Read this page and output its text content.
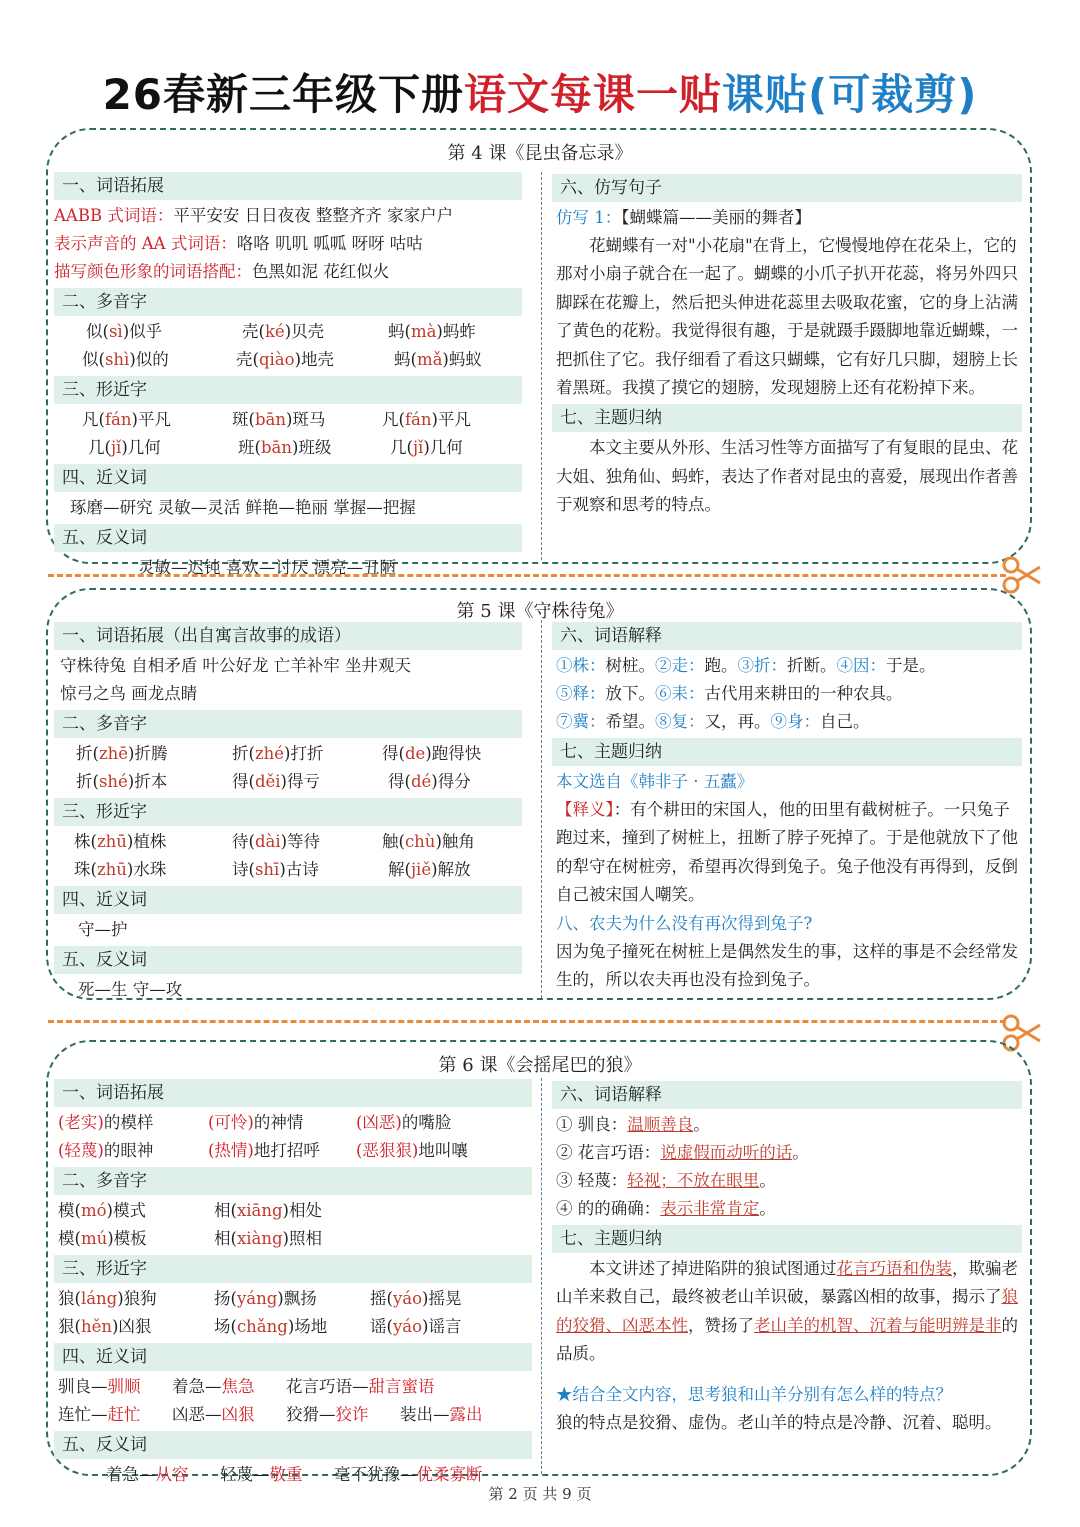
26春新三年级下册语文每课一贴课贴(可裁剪)
第 4 课《昆虫备忘录》
一、词语拓展
AABB 式词语：平平安安 日日夜夜 整整齐齐 家家户户
表示声音的 AA 式词语：咯咯 叽叽 呱呱 呀呀 咕咕
描写颜色形象的词语搭配：色黑如泥 花红似火
二、多音字
似(sì)似乎	壳(ké)贝壳	蚂(mà)蚂蚱
似(shì)似的	壳(qiào)地壳	蚂(mǎ)蚂蚁
三、形近字
凡(fán)平凡	斑(bān)斑马	凡(fán)平凡
几(jǐ)几何	班(bān)班级	几(jǐ)几何
四、近义词
琢磨—研究 灵敏—灵活 鲜艳—艳丽 掌握—把握
五、反义词
灵敏—迟钝 喜欢—讨厌 漂亮—丑陋
六、仿写句子
仿写 1：【蝴蝶篇——美丽的舞者】
花蝴蝶有一对"小花扇"在背上，它慢慢地停在花朵上，它的那对小扇子就合在一起了。蝴蝶的小爪子扒开花蕊，将另外四只脚踩在花瓣上，然后把头伸进花蕊里去吸取花蜜，它的身上沾满了黄色的花粉。我觉得很有趣，于是就蹑手蹑脚地靠近蝴蝶，一把抓住了它。我仔细看了看这只蝴蝶，它有好几只脚，翅膀上长着黑斑。我摸了摸它的翅膀，发现翅膀上还有花粉掉下来。
七、主题归纳
本文主要从外形、生活习性等方面描写了有复眼的昆虫、花大姐、独角仙、蚂蚱，表达了作者对昆虫的喜爱，展现出作者善于观察和思考的特点。
第 5 课《守株待兔》
一、词语拓展（出自寓言故事的成语）
守株待兔 自相矛盾 叶公好龙 亡羊补牢 坐井观天
惊弓之鸟 画龙点睛
二、多音字
折(zhē)折腾	折(zhé)打折	得(de)跑得快
折(shé)折本	得(děi)得亏	得(dé)得分
三、形近字
株(zhū)植株	待(dài)等待	触(chù)触角
珠(zhū)水珠	诗(shī)古诗	解(jiě)解放
四、近义词
守—护
五、反义词
死—生 守—攻
六、词语解释
①株：树桩。②走：跑。③折：折断。④因：于是。
⑤释：放下。⑥耒：古代用来耕田的一种农具。
⑦冀：希望。⑧复：又，再。⑨身：自己。
七、主题归纳
本文选自《韩非子 · 五蠹》
【释义】：有个耕田的宋国人，他的田里有截树桩子。一只兔子跑过来，撞到了树桩上，扭断了脖子死掉了。于是他就放下了他的犁守在树桩旁，希望再次得到兔子。兔子他没有再得到，反倒自己被宋国人嘲笑。
八、农夫为什么没有再次得到兔子?
因为兔子撞死在树桩上是偶然发生的事，这样的事是不会经常发生的，所以农夫再也没有捡到兔子。
第 6 课《会摇尾巴的狼》
一、词语拓展
(老实)的模样	(可怜)的神情	(凶恶)的嘴脸
(轻蔑)的眼神	(热情)地打招呼	(恶狠狠)地叫嚷
二、多音字
模(mó)模式	相(xiāng)相处
模(mú)模板	相(xiàng)照相
三、形近字
狼(láng)狼狗	扬(yáng)飘扬	摇(yáo)摇晃
狠(hěn)凶狠	场(chǎng)场地	谣(yáo)谣言
四、近义词
驯良—驯顺	着急—焦急	花言巧语—甜言蜜语
连忙—赶忙	凶恶—凶狠	狡猾—狡诈	装出—露出
五、反义词
着急—从容	轻蔑—敬重	毫不犹豫—优柔寡断
六、词语解释
① 驯良：温顺善良。
② 花言巧语：说虚假而动听的话。
③ 轻蔑：轻视；不放在眼里。
④ 的的确确：表示非常肯定。
七、主题归纳
本文讲述了掉进陷阱的狼试图通过花言巧语和伪装，欺骗老山羊来救自己，最终被老山羊识破，暴露凶相的故事，揭示了狼的狡猾、凶恶本性，赞扬了老山羊的机智、沉着与能明辨是非的品质。
★结合全文内容，思考狼和山羊分别有怎么样的特点？
狼的特点是狡猾、虚伪。老山羊的特点是冷静、沉着、聪明。
第 2 页 共 9 页
